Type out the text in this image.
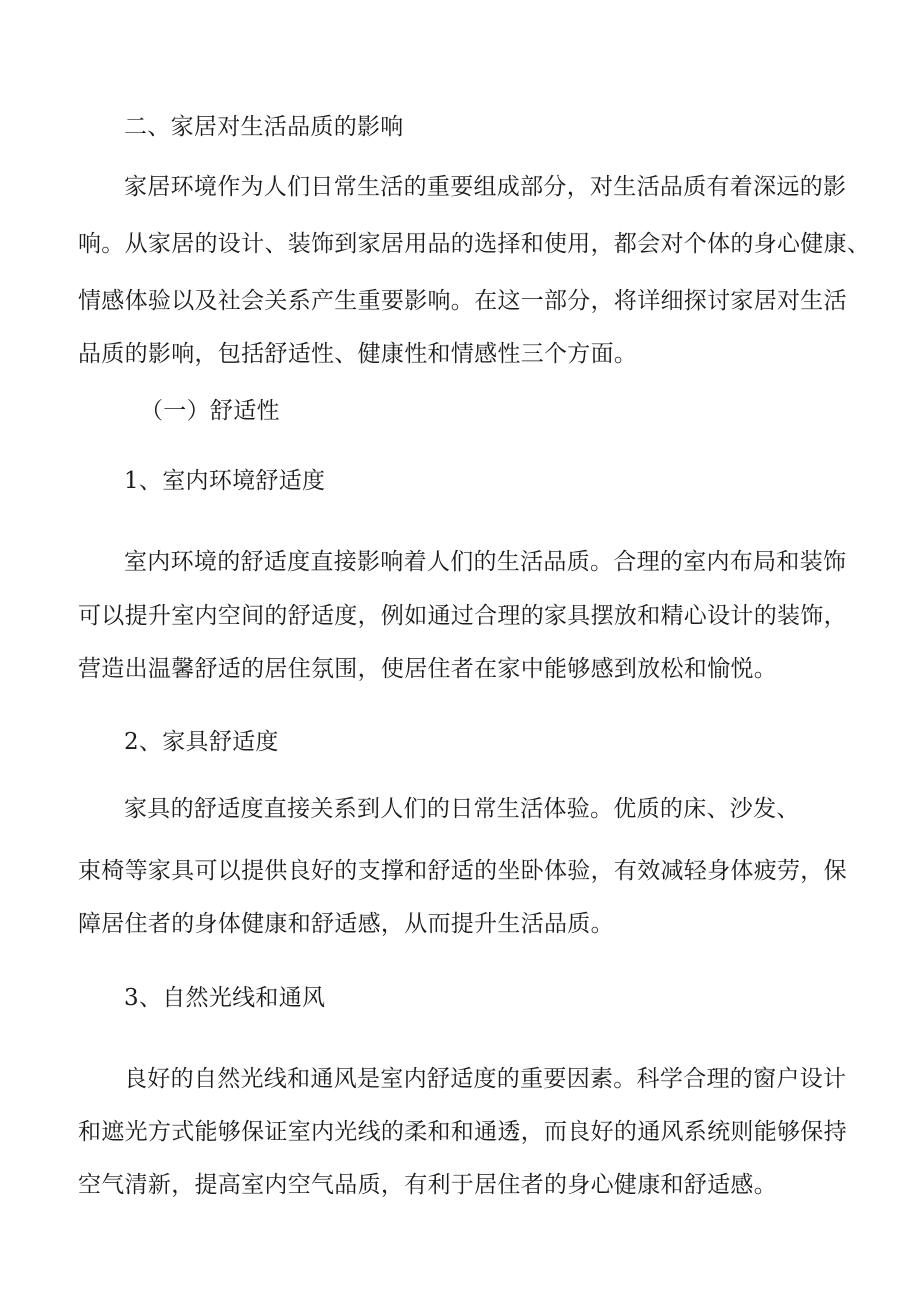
二、家居对生活品质的影响
家居环境作为人们日常生活的重要组成部分，对生活品质有着深远的影
响。从家居的设计、装饰到家居用品的选择和使用，都会对个体的身心健康、
情感体验以及社会关系产生重要影响。在这一部分，将详细探讨家居对生活
品质的影响，包括舒适性、健康性和情感性三个方面。
（一）舒适性
1、室内环境舒适度
室内环境的舒适度直接影响着人们的生活品质。合理的室内布局和装饰
可以提升室内空间的舒适度，例如通过合理的家具摆放和精心设计的装饰，
营造出温馨舒适的居住氛围，使居住者在家中能够感到放松和愉悦。
2、家具舒适度
家具的舒适度直接关系到人们的日常生活体验。优质的床、沙发、
束椅等家具可以提供良好的支撑和舒适的坐卧体验，有效减轻身体疲劳，保
障居住者的身体健康和舒适感，从而提升生活品质。
3、自然光线和通风
良好的自然光线和通风是室内舒适度的重要因素。科学合理的窗户设计
和遮光方式能够保证室内光线的柔和和通透，而良好的通风系统则能够保持
空气清新，提高室内空气品质，有利于居住者的身心健康和舒适感。
